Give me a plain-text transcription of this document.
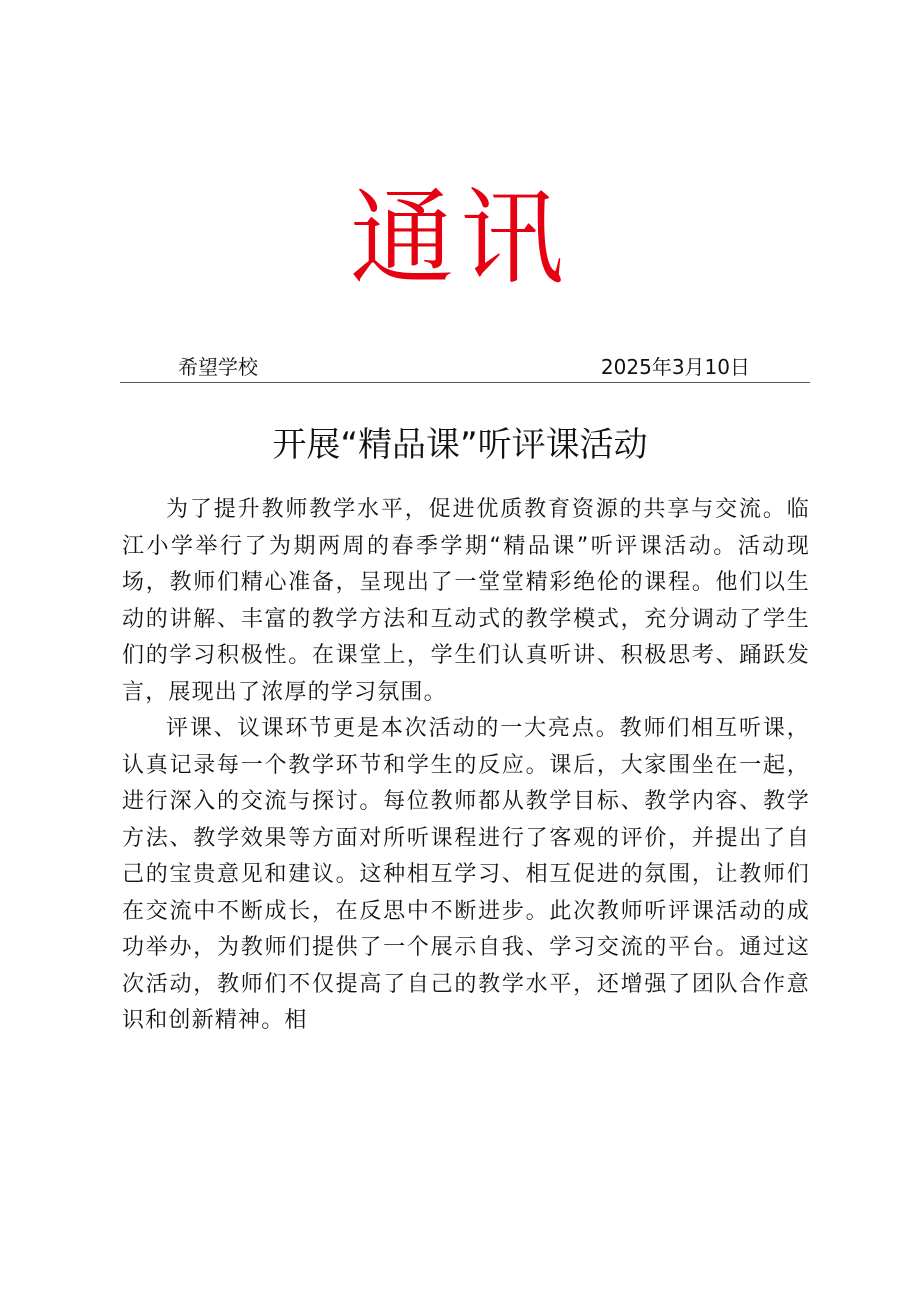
通讯
希望学校	2025年3月10日
开展“精品课”听评课活动

为了提升教师教学水平，促进优质教育资源的共享与交流。临江小学举行了为期两周的春季学期“精品课”听评课活动。活动现场，教师们精心准备，呈现出了一堂堂精彩绝伦的课程。他们以生动的讲解、丰富的教学方法和互动式的教学模式，充分调动了学生们的学习积极性。在课堂上，学生们认真听讲、积极思考、踊跃发言，展现出了浓厚的学习氛围。

评课、议课环节更是本次活动的一大亮点。教师们相互听课，认真记录每一个教学环节和学生的反应。课后，大家围坐在一起，进行深入的交流与探讨。每位教师都从教学目标、教学内容、教学方法、教学效果等方面对所听课程进行了客观的评价，并提出了自己的宝贵意见和建议。这种相互学习、相互促进的氛围，让教师们在交流中不断成长，在反思中不断进步。此次教师听评课活动的成功举办，为教师们提供了一个展示自我、学习交流的平台。通过这次活动，教师们不仅提高了自己的教学水平，还增强了团队合作意识和创新精神。相
